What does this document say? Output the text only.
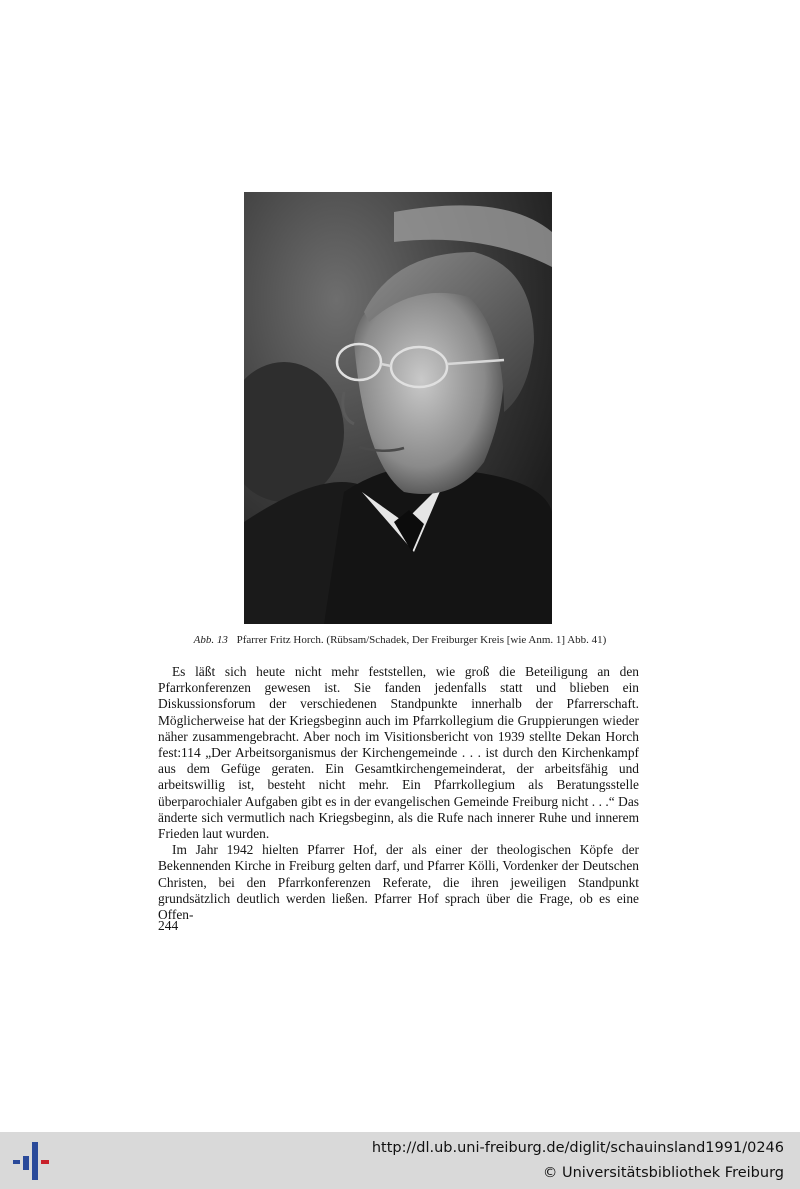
Abb. 13 Pfarrer Fritz Horch. (Rübsam/Schadek, Der Freiburger Kreis [wie Anm. 1] Abb. 41)

Es läßt sich heute nicht mehr feststellen, wie groß die Beteiligung an den Pfarrkonferenzen gewesen ist. Sie fanden jedenfalls statt und blieben ein Diskussionsforum der verschiedenen Standpunkte innerhalb der Pfarrerschaft. Möglicherweise hat der Kriegsbeginn auch im Pfarrkollegium die Gruppierungen wieder näher zusammengebracht. Aber noch im Visitionsbericht von 1939 stellte Dekan Horch fest:114 „Der Arbeitsorganismus der Kirchengemeinde . . . ist durch den Kirchenkampf aus dem Gefüge geraten. Ein Gesamtkirchengemeinderat, der arbeitsfähig und arbeitswillig ist, besteht nicht mehr. Ein Pfarrkollegium als Beratungsstelle überparochialer Aufgaben gibt es in der evangelischen Gemeinde Freiburg nicht . . .“ Das änderte sich vermutlich nach Kriegsbeginn, als die Rufe nach innerer Ruhe und innerem Frieden laut wurden.

Im Jahr 1942 hielten Pfarrer Hof, der als einer der theologischen Köpfe der Bekennenden Kirche in Freiburg gelten darf, und Pfarrer Kölli, Vordenker der Deutschen Christen, bei den Pfarrkonferenzen Referate, die ihren jeweiligen Standpunkt grundsätzlich deutlich werden ließen. Pfarrer Hof sprach über die Frage, ob es eine Offen-

244
http://dl.ub.uni-freiburg.de/diglit/schauinsland1991/0246
© Universitätsbibliothek Freiburg
